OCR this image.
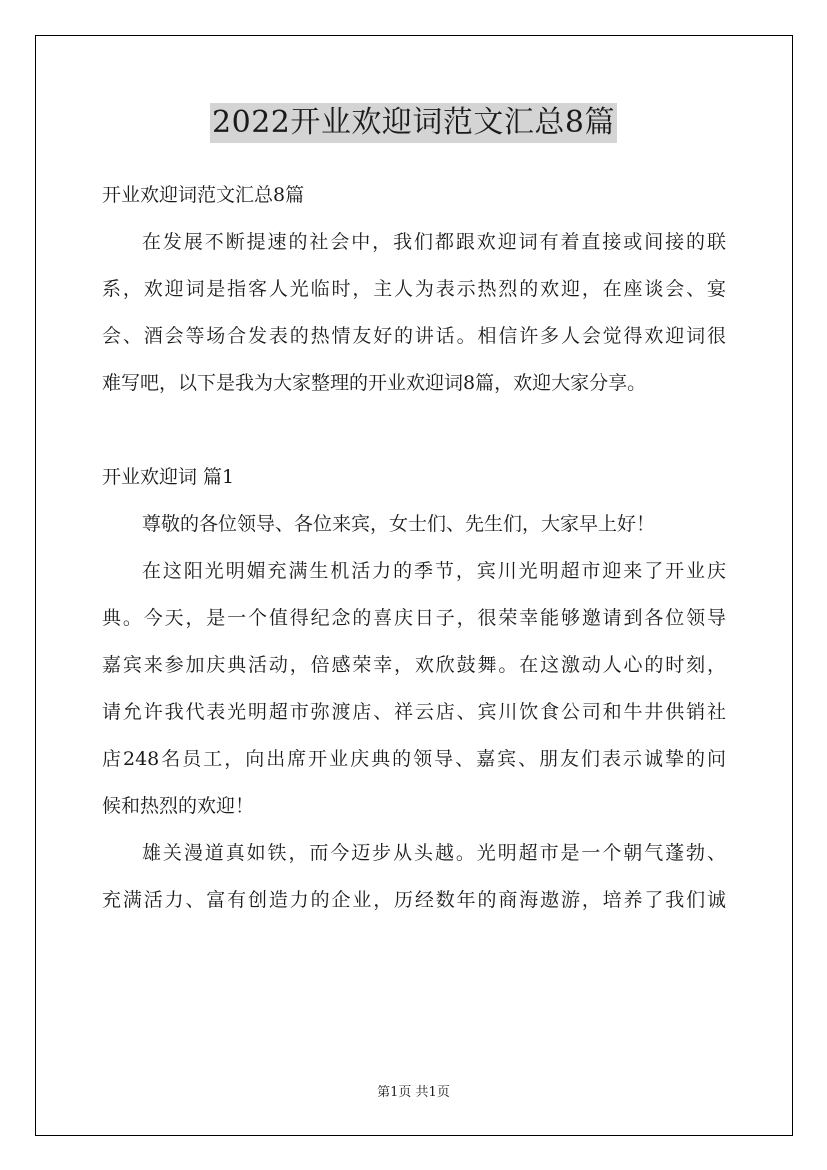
2022开业欢迎词范文汇总8篇
开业欢迎词范文汇总8篇
在发展不断提速的社会中，我们都跟欢迎词有着直接或间接的联
系，欢迎词是指客人光临时，主人为表示热烈的欢迎，在座谈会、宴
会、酒会等场合发表的热情友好的讲话。相信许多人会觉得欢迎词很
难写吧，以下是我为大家整理的开业欢迎词8篇，欢迎大家分享。
开业欢迎词 篇1
尊敬的各位领导、各位来宾，女士们、先生们，大家早上好！
在这阳光明媚充满生机活力的季节，宾川光明超市迎来了开业庆
典。今天，是一个值得纪念的喜庆日子，很荣幸能够邀请到各位领导
嘉宾来参加庆典活动，倍感荣幸，欢欣鼓舞。在这激动人心的时刻，
请允许我代表光明超市弥渡店、祥云店、宾川饮食公司和牛井供销社
店248名员工，向出席开业庆典的领导、嘉宾、朋友们表示诚挚的问
候和热烈的欢迎！
雄关漫道真如铁，而今迈步从头越。光明超市是一个朝气蓬勃、
充满活力、富有创造力的企业，历经数年的商海遨游，培养了我们诚
第1页 共1页
